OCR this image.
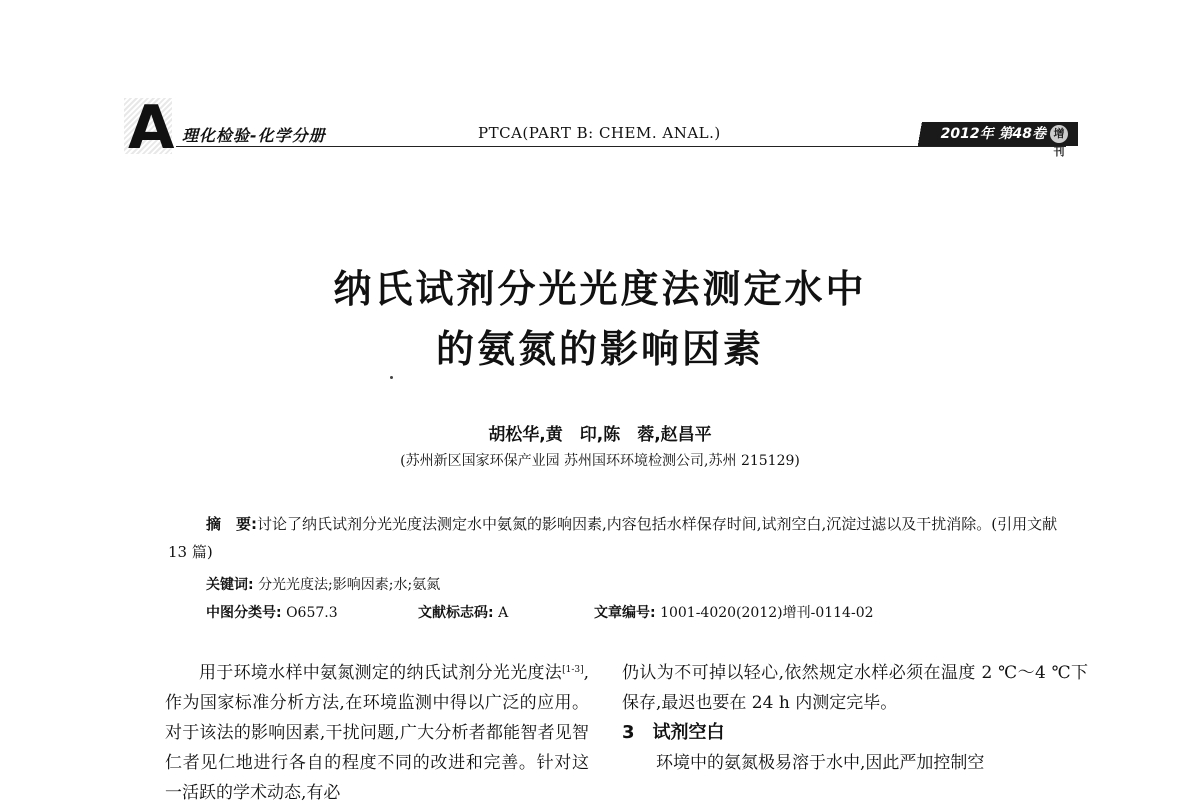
A 理化检验-化学分册	PTCA(PART B: CHEM. ANAL.)	2012年 第48卷 增刊
纳氏试剂分光光度法测定水中
的氨氮的影响因素
胡松华,黄　印,陈　蓉,赵昌平
(苏州新区国家环保产业园 苏州国环环境检测公司,苏州 215129)
摘　要:讨论了纳氏试剂分光光度法测定水中氨氮的影响因素,内容包括水样保存时间,试剂空白,沉淀过滤以及干扰消除。(引用文献 13 篇)
关键词: 分光光度法;影响因素;水;氨氮
中图分类号: O657.3	文献标志码: A	文章编号: 1001-4020(2012)增刊-0114-02

用于环境水样中氨氮测定的纳氏试剂分光光度法[1-3],作为国家标准分析方法,在环境监测中得以广泛的应用。对于该法的影响因素,干扰问题,广大分析者都能智者见智仁者见仁地进行各自的程度不同的改进和完善。针对这一活跃的学术动态,有必

仍认为不可掉以轻心,依然规定水样必须在温度 2 ℃～4 ℃下保存,最迟也要在 24 h 内测定完毕。

3 试剂空白

环境中的氨氮极易溶于水中,因此严加控制空
